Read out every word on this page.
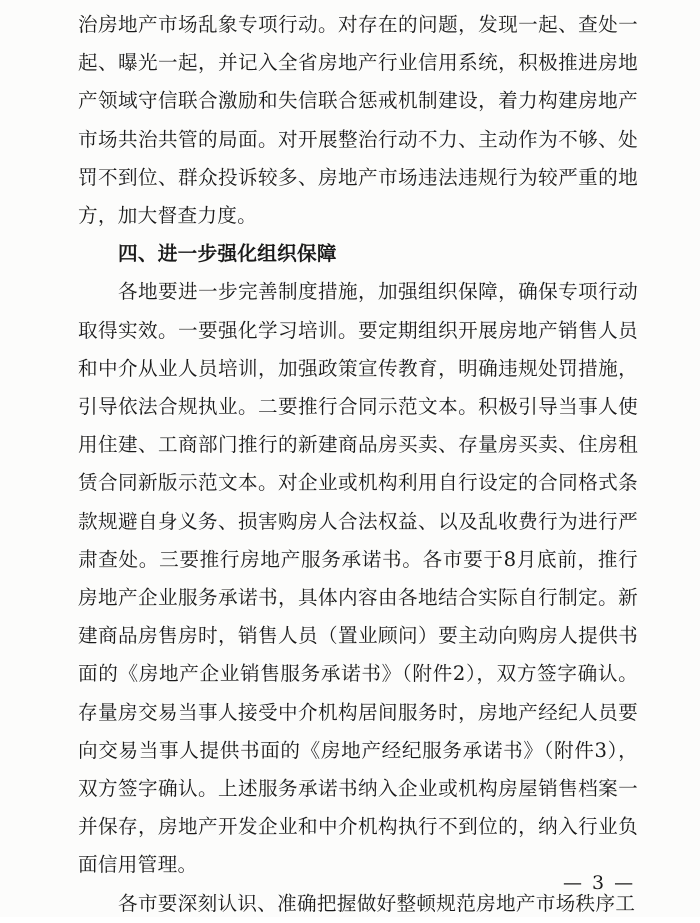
治房地产市场乱象专项行动。对存在的问题，发现一起、查处一起、曝光一起，并记入全省房地产行业信用系统，积极推进房地产领域守信联合激励和失信联合惩戒机制建设，着力构建房地产市场共治共管的局面。对开展整治行动不力、主动作为不够、处罚不到位、群众投诉较多、房地产市场违法违规行为较严重的地方，加大督查力度。

四、进一步强化组织保障

各地要进一步完善制度措施，加强组织保障，确保专项行动取得实效。一要强化学习培训。要定期组织开展房地产销售人员和中介从业人员培训，加强政策宣传教育，明确违规处罚措施，引导依法合规执业。二要推行合同示范文本。积极引导当事人使用住建、工商部门推行的新建商品房买卖、存量房买卖、住房租赁合同新版示范文本。对企业或机构利用自行设定的合同格式条款规避自身义务、损害购房人合法权益、以及乱收费行为进行严肃查处。三要推行房地产服务承诺书。各市要于8月底前，推行房地产企业服务承诺书，具体内容由各地结合实际自行制定。新建商品房售房时，销售人员（置业顾问）要主动向购房人提供书面的《房地产企业销售服务承诺书》（附件2），双方签字确认。存量房交易当事人接受中介机构居间服务时，房地产经纪人员要向交易当事人提供书面的《房地产经纪服务承诺书》（附件3），双方签字确认。上述服务承诺书纳入企业或机构房屋销售档案一并保存，房地产开发企业和中介机构执行不到位的，纳入行业负面信用管理。

各市要深刻认识、准确把握做好整顿规范房地产市场秩序工

— 3 —
